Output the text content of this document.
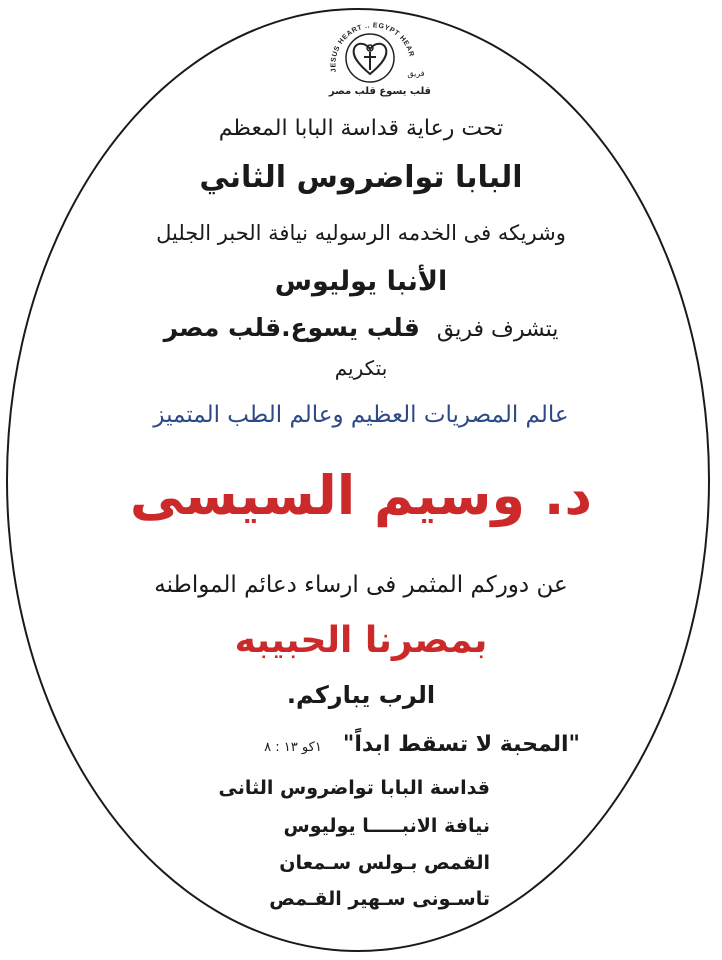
JESUS HEART .. EGYPT HEAR
فريق
قلب يسوع قلب مصر
تحت رعاية قداسة البابا المعظم
البابا تواضروس الثاني
وشريكه فى الخدمه الرسوليه نيافة الحبر الجليل
الأنبا يوليوس
يتشرف فريق قلب يسوع.قلب مصر
بتكريم
عالم المصريات العظيم وعالم الطب المتميز
د. وسيم السيسى
عن دوركم المثمر فى ارساء دعائم المواطنه
بمصرنا الحبيبه
الرب يباركم.
"المحبة لا تسقط ابداً" ١كو ١٣ : ٨
قداسة البابا تواضروس الثانى
نيافة الانبـــــا يوليوس
القمص بـولس سـمعان
تاسـونى سـهير القـمص
